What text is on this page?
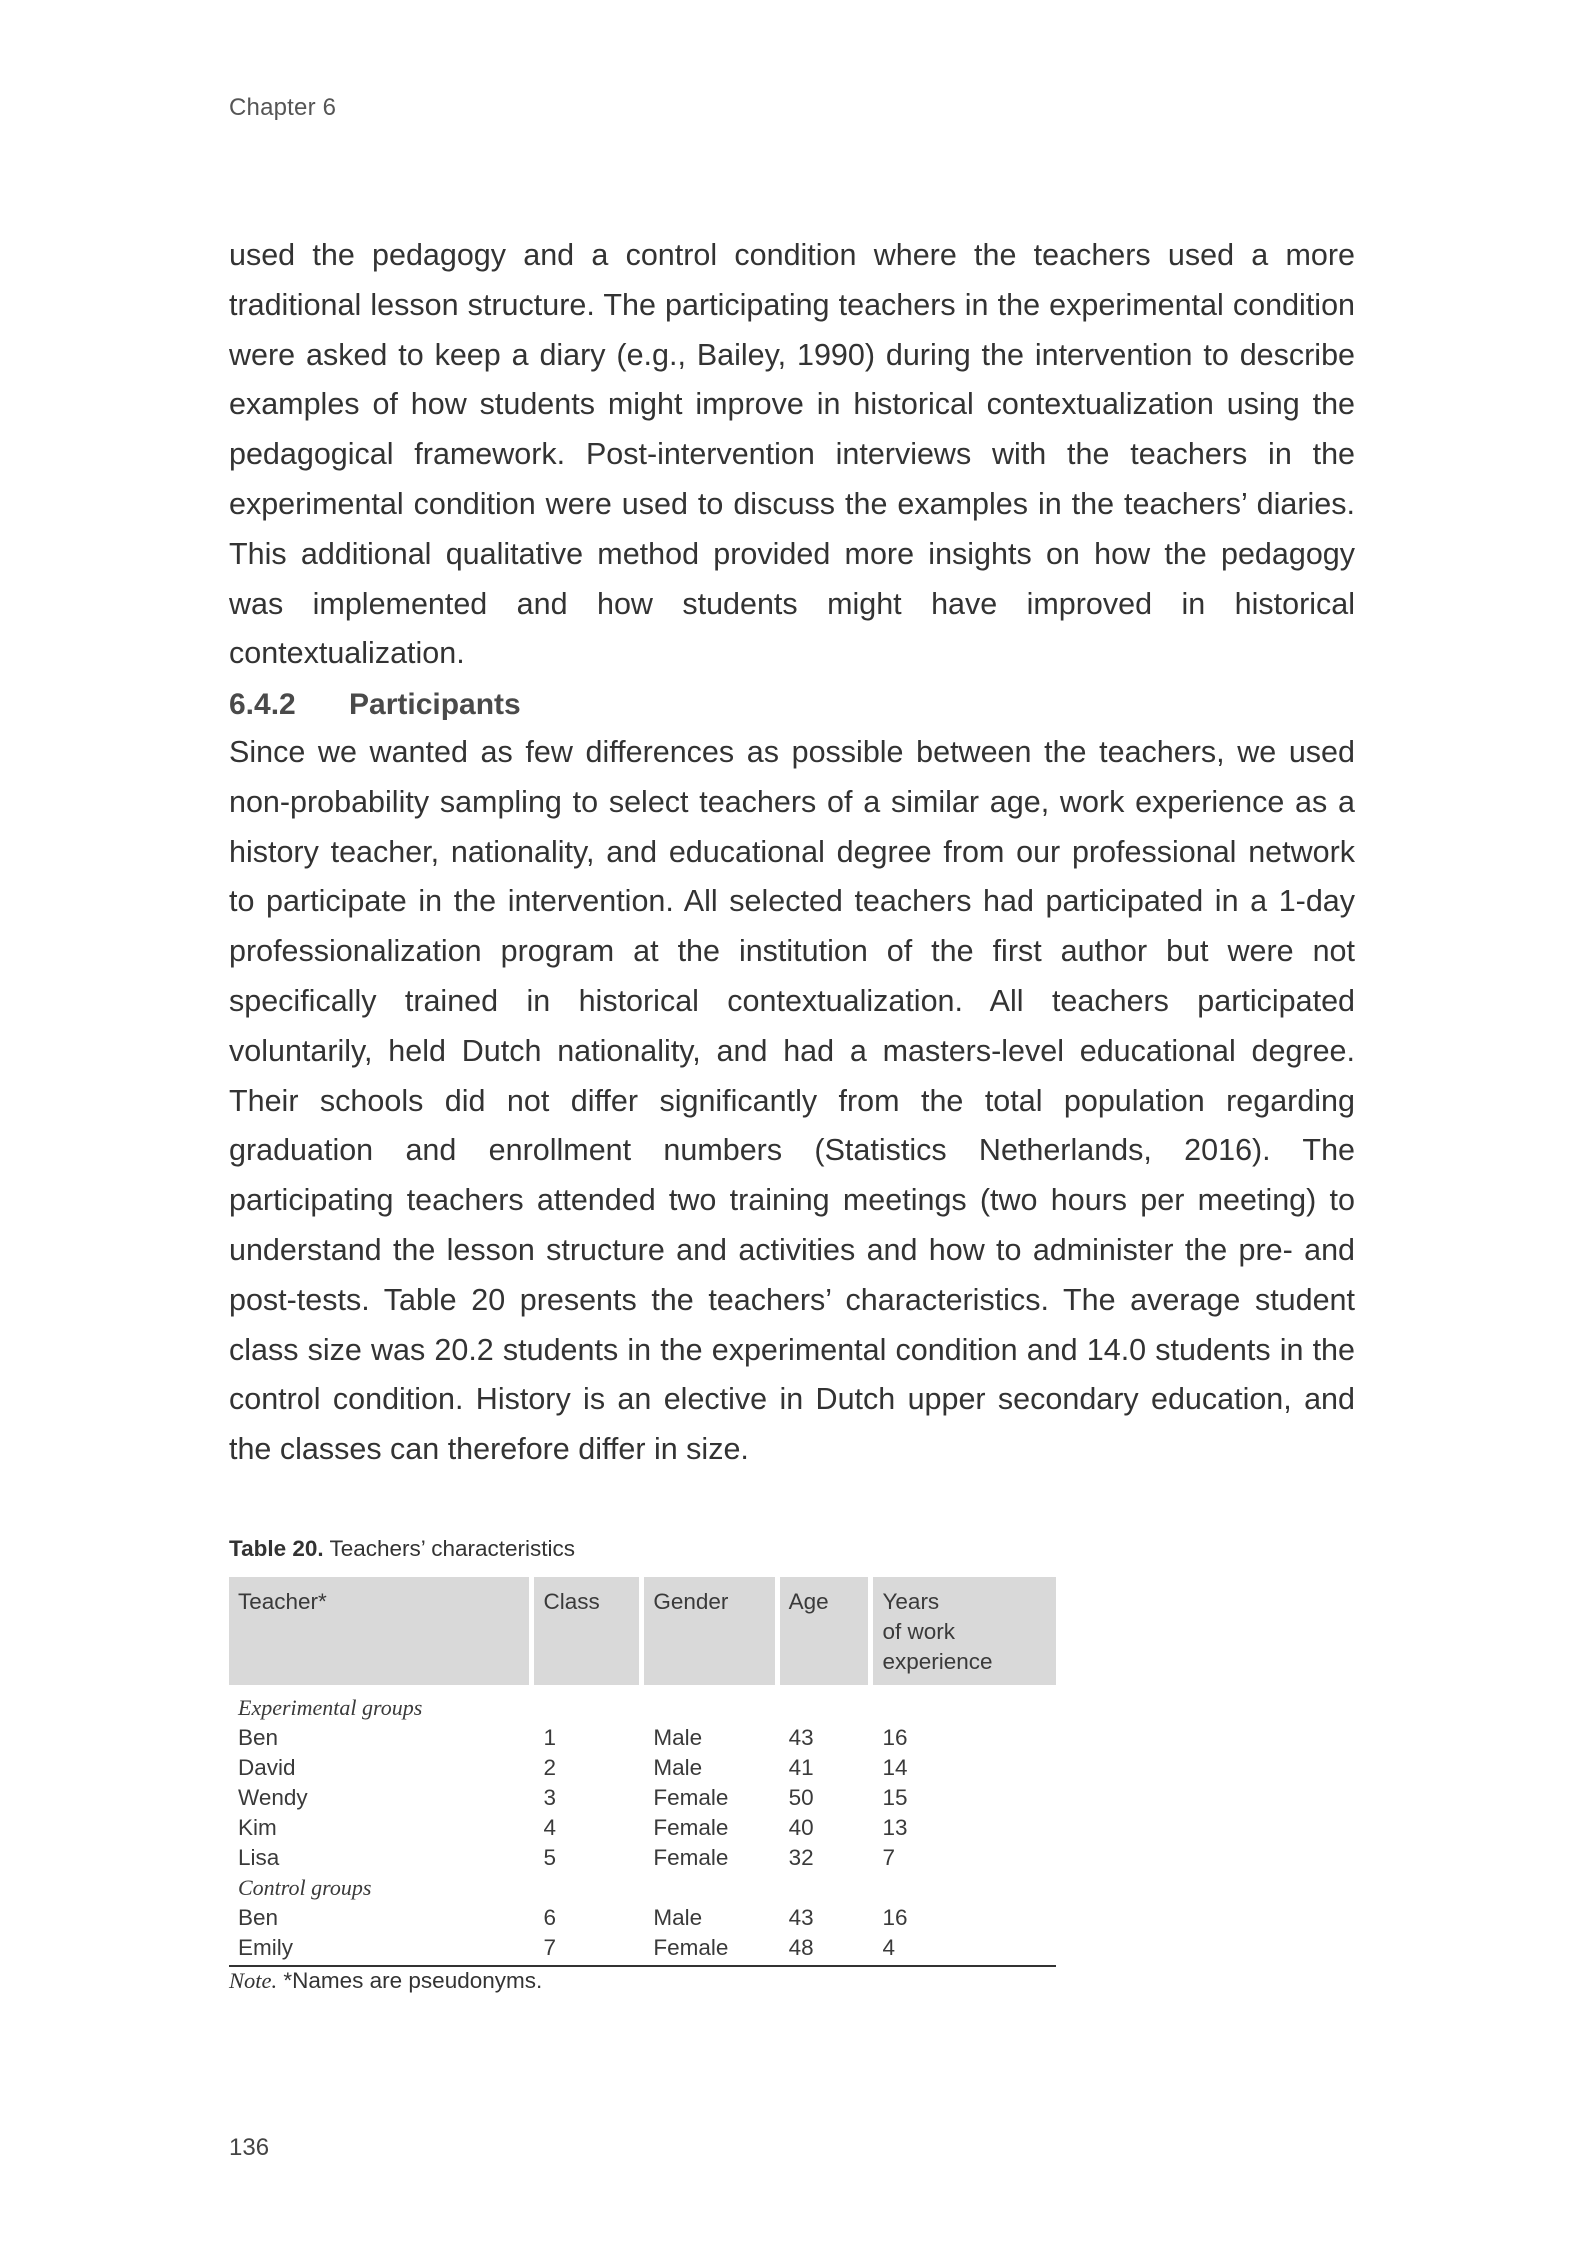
Chapter 6

used the pedagogy and a control condition where the teachers used a more traditional lesson structure. The participating teachers in the experimental condition were asked to keep a diary (e.g., Bailey, 1990) during the intervention to describe examples of how students might improve in historical contextualization using the pedagogical framework. Post-intervention interviews with the teachers in the experimental condition were used to discuss the examples in the teachers’ diaries. This additional qualitative method provided more insights on how the pedagogy was implemented and how students might have improved in historical contextualization.

6.4.2 Participants

Since we wanted as few differences as possible between the teachers, we used non-probability sampling to select teachers of a similar age, work experience as a history teacher, nationality, and educational degree from our professional network to participate in the intervention. All selected teachers had participated in a 1-day professionalization program at the institution of the first author but were not specifically trained in historical contextualization. All teachers participated voluntarily, held Dutch nationality, and had a masters-level educational degree. Their schools did not differ significantly from the total population regarding graduation and enrollment numbers (Statistics Netherlands, 2016). The participating teachers attended two training meetings (two hours per meeting) to understand the lesson structure and activities and how to administer the pre- and post-tests. Table 20 presents the teachers’ characteristics. The average student class size was 20.2 students in the experimental condition and 14.0 students in the control condition. History is an elective in Dutch upper secondary education, and the classes can therefore differ in size.

Table 20. Teachers’ characteristics

Teacher*	Class	Gender	Age	Years
of work
experience
Experimental groups				
Ben	1	Male	43	16
David	2	Male	41	14
Wendy	3	Female	50	15
Kim	4	Female	40	13
Lisa	5	Female	32	7
Control groups				
Ben	6	Male	43	16
Emily	7	Female	48	4

Note. *Names are pseudonyms.

136
